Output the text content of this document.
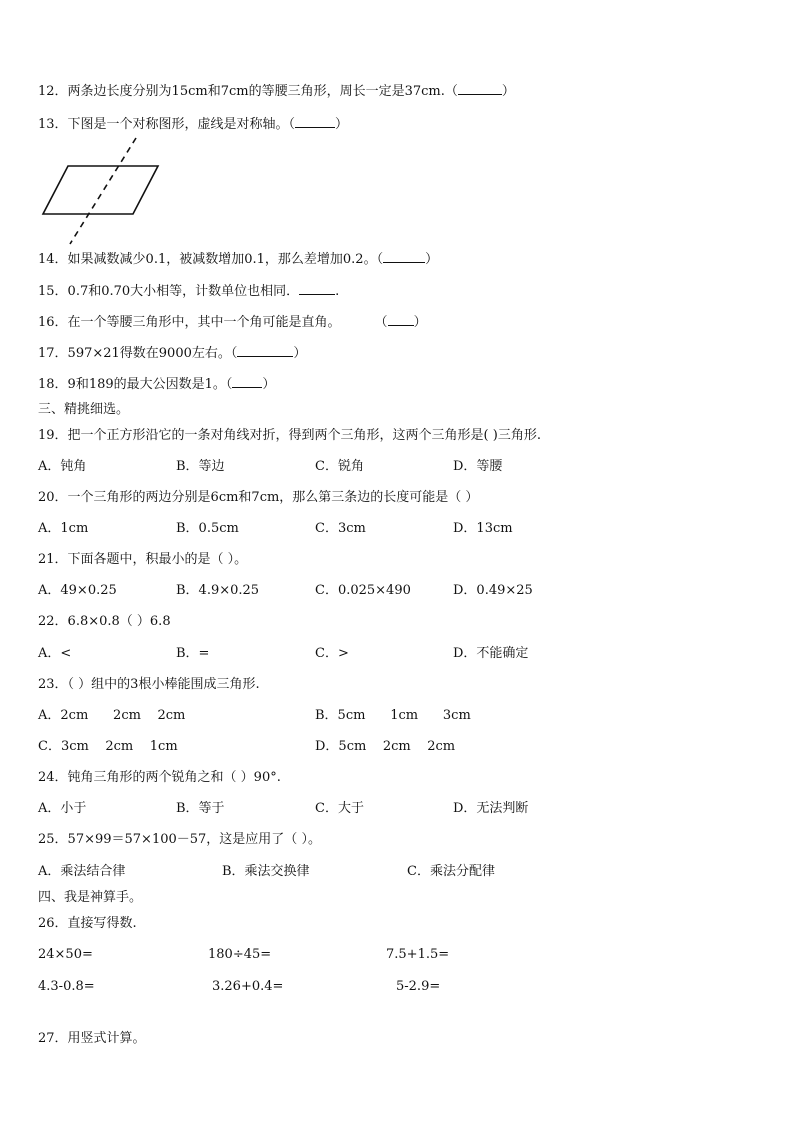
12．两条边长度分别为15cm和7cm的等腰三角形，周长一定是37cm.（	）
13．下图是一个对称图形，虚线是对称轴。（	）
14．如果减数减少0.1，被减数增加0.1，那么差增加0.2。（	）
15．0.7和0.70大小相等，计数单位也相同．	.
16．在一个等腰三角形中，其中一个角可能是直角。	（ ）
17．597×21得数在9000左右。（	）
18．9和189的最大公因数是1。（ ）
三、精挑细选。
19．把一个正方形沿它的一条对角线对折，得到两个三角形，这两个三角形是( )三角形.
A．钝角	B．等边	C．锐角	D．等腰
20．一个三角形的两边分别是6cm和7cm，那么第三条边的长度可能是（ ）
A．1cm	B．0.5cm	C．3cm	D．13cm
21．下面各题中，积最小的是（ ）。
A．49×0.25	B．4.9×0.25	C．0.025×490	D．0.49×25
22．6.8×0.8（ ）6.8
A．<	B．=	C．>	D．不能确定
23．（ ）组中的3根小棒能围成三角形.
A．2cm      2cm    2cm	B．5cm      1cm      3cm
C．3cm    2cm    1cm	D．5cm    2cm    2cm
24．钝角三角形的两个锐角之和（ ）90°.
A．小于	B．等于	C．大于	D．无法判断
25．57×99＝57×100－57，这是应用了（ ）。
A．乘法结合律	B．乘法交换律	C．乘法分配律
四、我是神算手。
26．直接写得数.
24×50=	180÷45=	7.5+1.5=
4.3-0.8=	3.26+0.4=	5-2.9=
27．用竖式计算。
